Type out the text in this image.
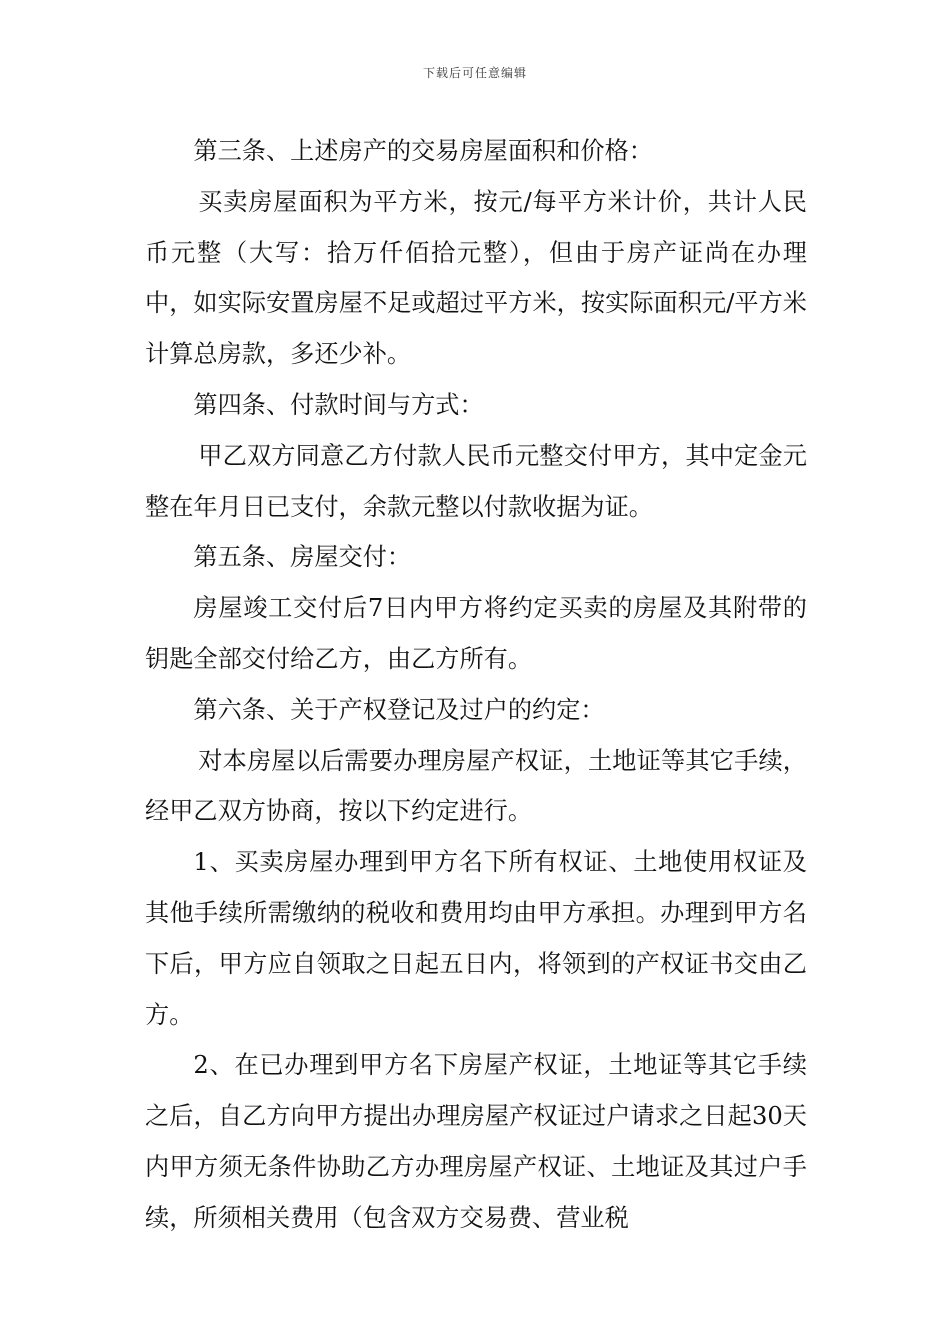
下载后可任意编辑

第三条、上述房产的交易房屋面积和价格：

买卖房屋面积为平方米，按元/每平方米计价，共计人民币元整（大写：拾万仟佰拾元整），但由于房产证尚在办理中，如实际安置房屋不足或超过平方米，按实际面积元/平方米计算总房款，多还少补。

第四条、付款时间与方式：

甲乙双方同意乙方付款人民币元整交付甲方，其中定金元整在年月日已支付，余款元整以付款收据为证。

第五条、房屋交付：

房屋竣工交付后7日内甲方将约定买卖的房屋及其附带的钥匙全部交付给乙方，由乙方所有。

第六条、关于产权登记及过户的约定：

对本房屋以后需要办理房屋产权证，土地证等其它手续，经甲乙双方协商，按以下约定进行。

1、买卖房屋办理到甲方名下所有权证、土地使用权证及其他手续所需缴纳的税收和费用均由甲方承担。办理到甲方名下后，甲方应自领取之日起五日内，将领到的产权证书交由乙方。

2、在已办理到甲方名下房屋产权证，土地证等其它手续之后，自乙方向甲方提出办理房屋产权证过户请求之日起30天内甲方须无条件协助乙方办理房屋产权证、土地证及其过户手续，所须相关费用（包含双方交易费、营业税
